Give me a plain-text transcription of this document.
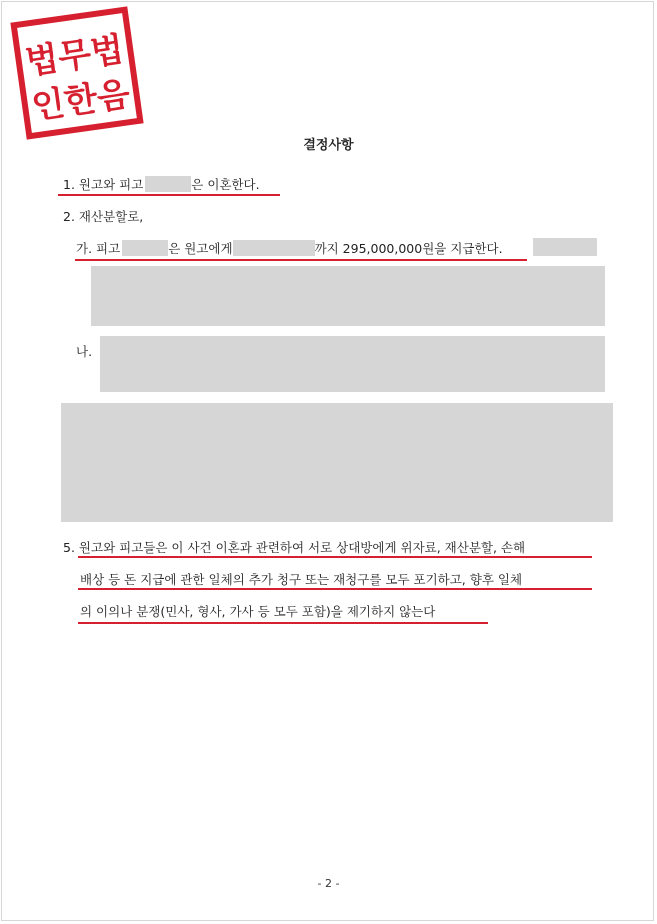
법무법
인한음
결정사항
1. 원고와 피고	은 이혼한다.
2. 재산분할로,
가. 피고	은 원고에게	까지 295,000,000원을 지급한다.
나.
5. 원고와 피고들은 이 사건 이혼과 관련하여 서로 상대방에게 위자료, 재산분할, 손해
배상 등 돈 지급에 관한 일체의 추가 청구 또는 재청구를 모두 포기하고, 향후 일체
의 이의나 분쟁(민사, 형사, 가사 등 모두 포함)을 제기하지 않는다
- 2 -
